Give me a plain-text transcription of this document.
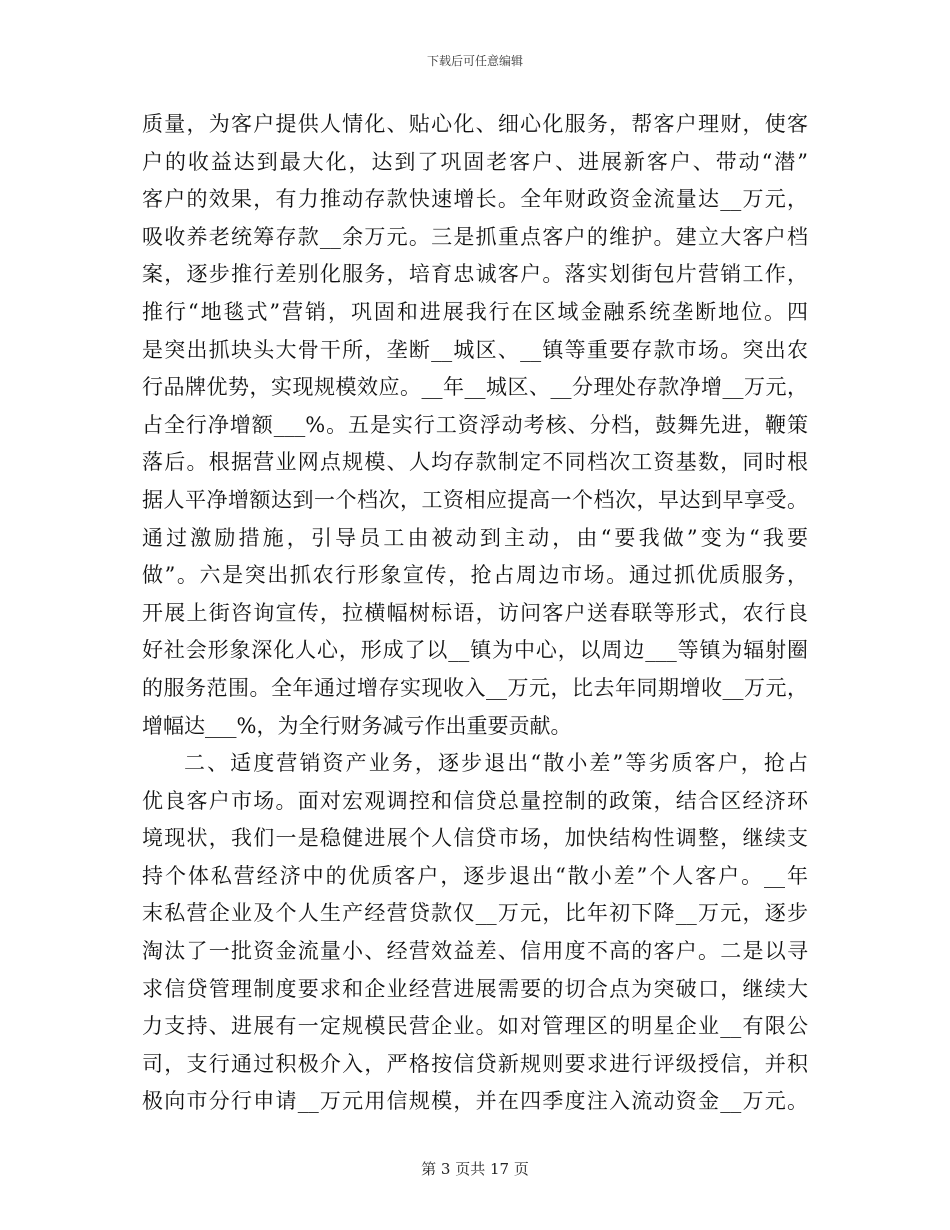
下载后可任意编辑
质量，为客户提供人情化、贴心化、细心化服务，帮客户理财，使客
户的收益达到最大化，达到了巩固老客户、进展新客户、带动“潜”
客户的效果，有力推动存款快速增长。全年财政资金流量达__万元，
吸收养老统筹存款__余万元。三是抓重点客户的维护。建立大客户档
案，逐步推行差别化服务，培育忠诚客户。落实划街包片营销工作，
推行“地毯式”营销，巩固和进展我行在区域金融系统垄断地位。四
是突出抓块头大骨干所，垄断__城区、__镇等重要存款市场。突出农
行品牌优势，实现规模效应。__年__城区、__分理处存款净增__万元，
占全行净增额___%。五是实行工资浮动考核、分档，鼓舞先进，鞭策
落后。根据营业网点规模、人均存款制定不同档次工资基数，同时根
据人平净增额达到一个档次，工资相应提高一个档次，早达到早享受。
通过激励措施，引导员工由被动到主动，由“要我做”变为“我要
做”。六是突出抓农行形象宣传，抢占周边市场。通过抓优质服务，
开展上街咨询宣传，拉横幅树标语，访问客户送春联等形式，农行良
好社会形象深化人心，形成了以__镇为中心，以周边___等镇为辐射圈
的服务范围。全年通过增存实现收入__万元，比去年同期增收__万元，
增幅达___%，为全行财务减亏作出重要贡献。
二、适度营销资产业务，逐步退出“散小差”等劣质客户，抢占
优良客户市场。面对宏观调控和信贷总量控制的政策，结合区经济环
境现状，我们一是稳健进展个人信贷市场，加快结构性调整，继续支
持个体私营经济中的优质客户，逐步退出“散小差”个人客户。__年
末私营企业及个人生产经营贷款仅__万元，比年初下降__万元，逐步
淘汰了一批资金流量小、经营效益差、信用度不高的客户。二是以寻
求信贷管理制度要求和企业经营进展需要的切合点为突破口，继续大
力支持、进展有一定规模民营企业。如对管理区的明星企业__有限公
司，支行通过积极介入，严格按信贷新规则要求进行评级授信，并积
极向市分行申请__万元用信规模，并在四季度注入流动资金__万元。
第 3 页共 17 页
